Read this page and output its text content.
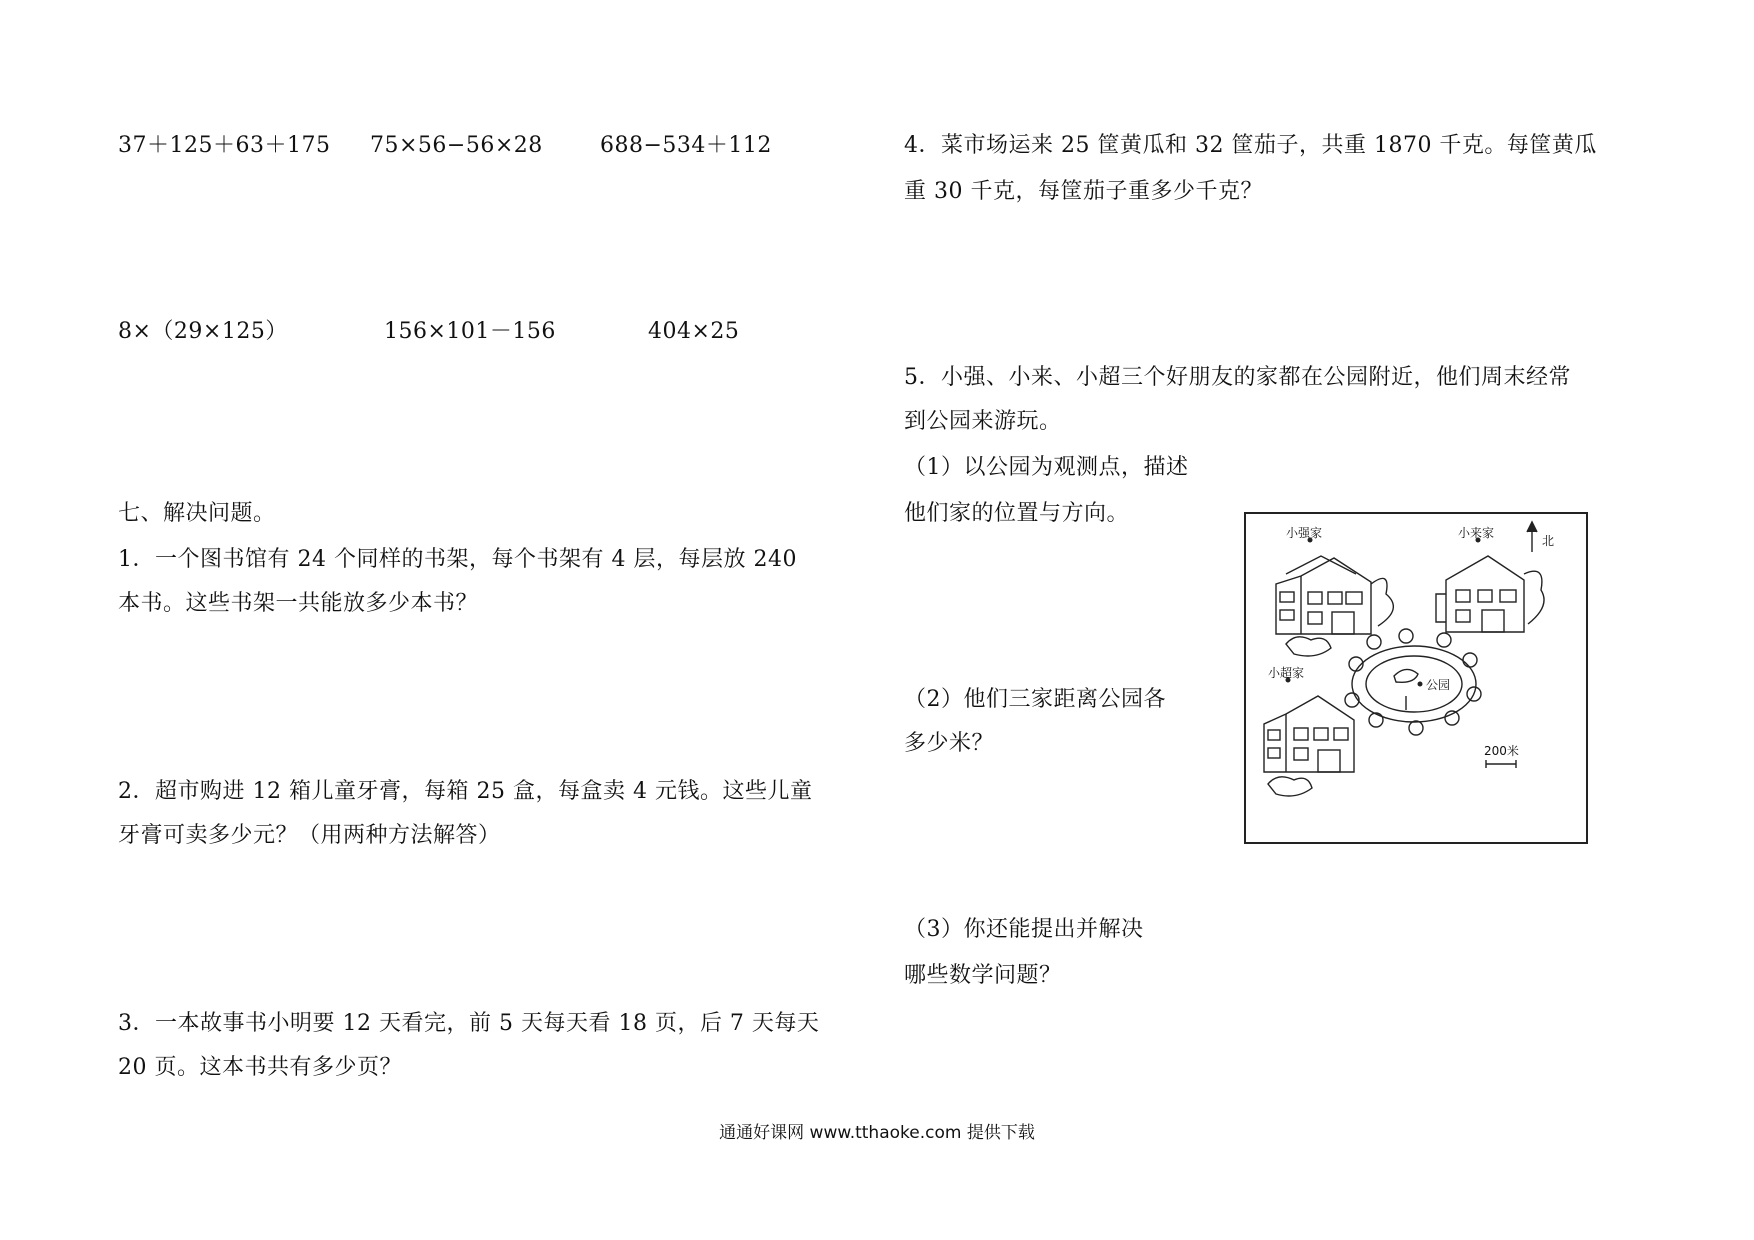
37＋125＋63＋175 75×56−56×28	688−534＋112
8×（29×125）	156×101－156	404×25
七、解决问题。
1．一个图书馆有 24 个同样的书架，每个书架有 4 层，每层放 240
本书。这些书架一共能放多少本书？
2．超市购进 12 箱儿童牙膏，每箱 25 盒，每盒卖 4 元钱。这些儿童
牙膏可卖多少元？（用两种方法解答）
3．一本故事书小明要 12 天看完，前 5 天每天看 18 页，后 7 天每天
20 页。这本书共有多少页？
4．菜市场运来 25 筐黄瓜和 32 筐茄子，共重 1870 千克。每筐黄瓜
重 30 千克，每筐茄子重多少千克？
5．小强、小来、小超三个好朋友的家都在公园附近，他们周末经常
到公园来游玩。
（1）以公园为观测点，描述
他们家的位置与方向。
（2）他们三家距离公园各
多少米？
（3）你还能提出并解决
哪些数学问题？
小强家	小来家
小超家
公园
北
200米
通通好课网 www.tthaoke.com 提供下载
